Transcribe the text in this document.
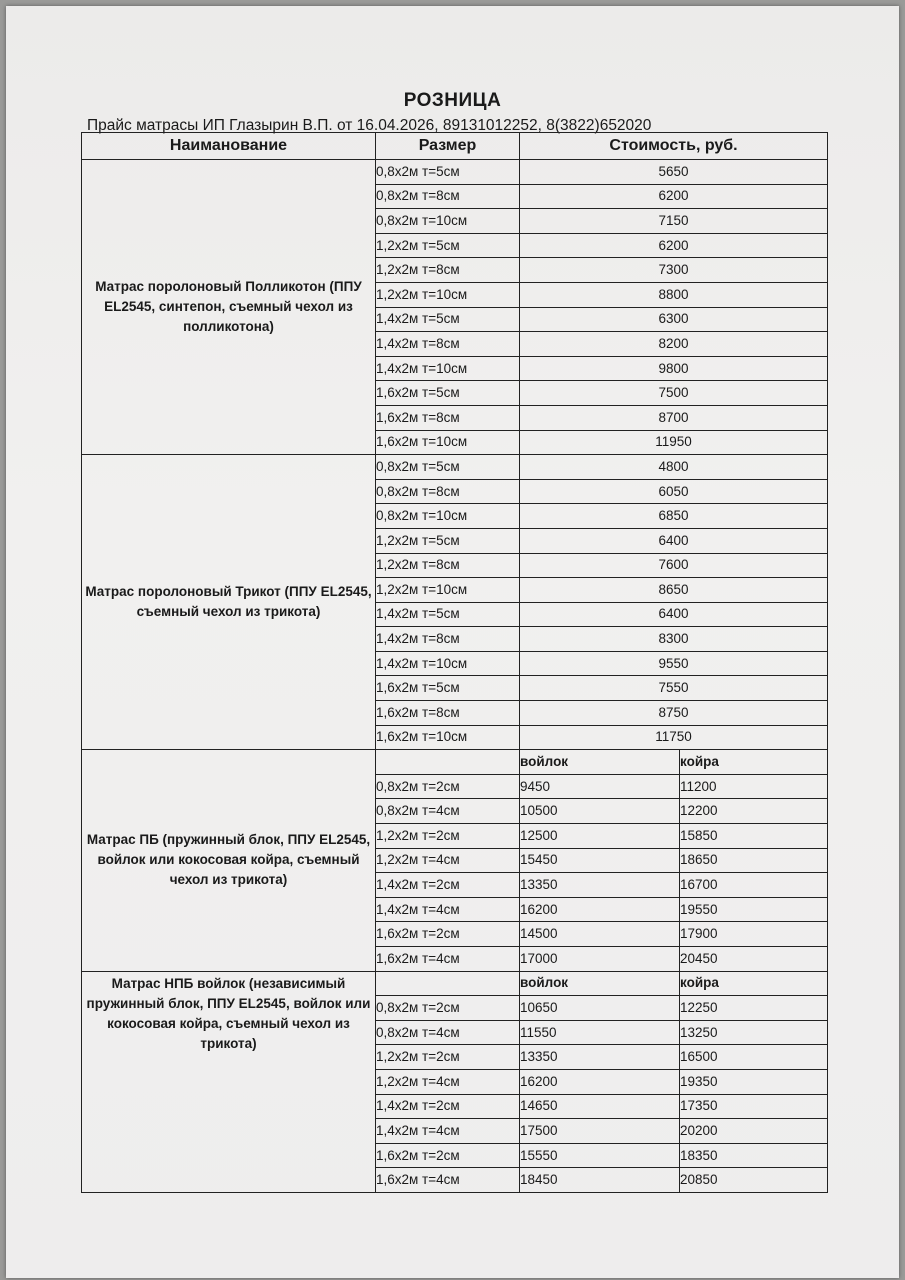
РОЗНИЦА
Прайс матрасы ИП Глазырин В.П. от 16.04.2026, 89131012252, 8(3822)652020
Наиманование	Размер	Стоимость, руб.	
Матрас поролоновый Полликотон (ППУ EL2545, синтепон, съемный чехол из полликотона)	0,8х2м т=5см	5650	
	0,8х2м т=8см	6200	
	0,8х2м т=10см	7150	
	1,2х2м т=5см	6200	
	1,2х2м т=8см	7300	
	1,2х2м т=10см	8800	
	1,4х2м т=5см	6300	
	1,4х2м т=8см	8200	
	1,4х2м т=10см	9800	
	1,6х2м т=5см	7500	
	1,6х2м т=8см	8700	
	1,6х2м т=10см	11950	
Матрас поролоновый Трикот (ППУ EL2545, съемный чехол из трикота)	0,8х2м т=5см	4800	
	0,8х2м т=8см	6050	
	0,8х2м т=10см	6850	
	1,2х2м т=5см	6400	
	1,2х2м т=8см	7600	
	1,2х2м т=10см	8650	
	1,4х2м т=5см	6400	
	1,4х2м т=8см	8300	
	1,4х2м т=10см	9550	
	1,6х2м т=5см	7550	
	1,6х2м т=8см	8750	
	1,6х2м т=10см	11750	
Матрас ПБ (пружинный блок, ППУ EL2545, войлок или кокосовая койра, съемный чехол из трикота)		войлок	койра
	0,8х2м т=2см	9450	11200
	0,8х2м т=4см	10500	12200
	1,2х2м т=2см	12500	15850
	1,2х2м т=4см	15450	18650
	1,4х2м т=2см	13350	16700
	1,4х2м т=4см	16200	19550
	1,6х2м т=2см	14500	17900
	1,6х2м т=4см	17000	20450
Матрас НПБ войлок (независимый пружинный блок, ППУ EL2545, войлок или кокосовая койра, съемный чехол из трикота)		войлок	койра
	0,8х2м т=2см	10650	12250
	0,8х2м т=4см	11550	13250
	1,2х2м т=2см	13350	16500
	1,2х2м т=4см	16200	19350
	1,4х2м т=2см	14650	17350
	1,4х2м т=4см	17500	20200
	1,6х2м т=2см	15550	18350
	1,6х2м т=4см	18450	20850
